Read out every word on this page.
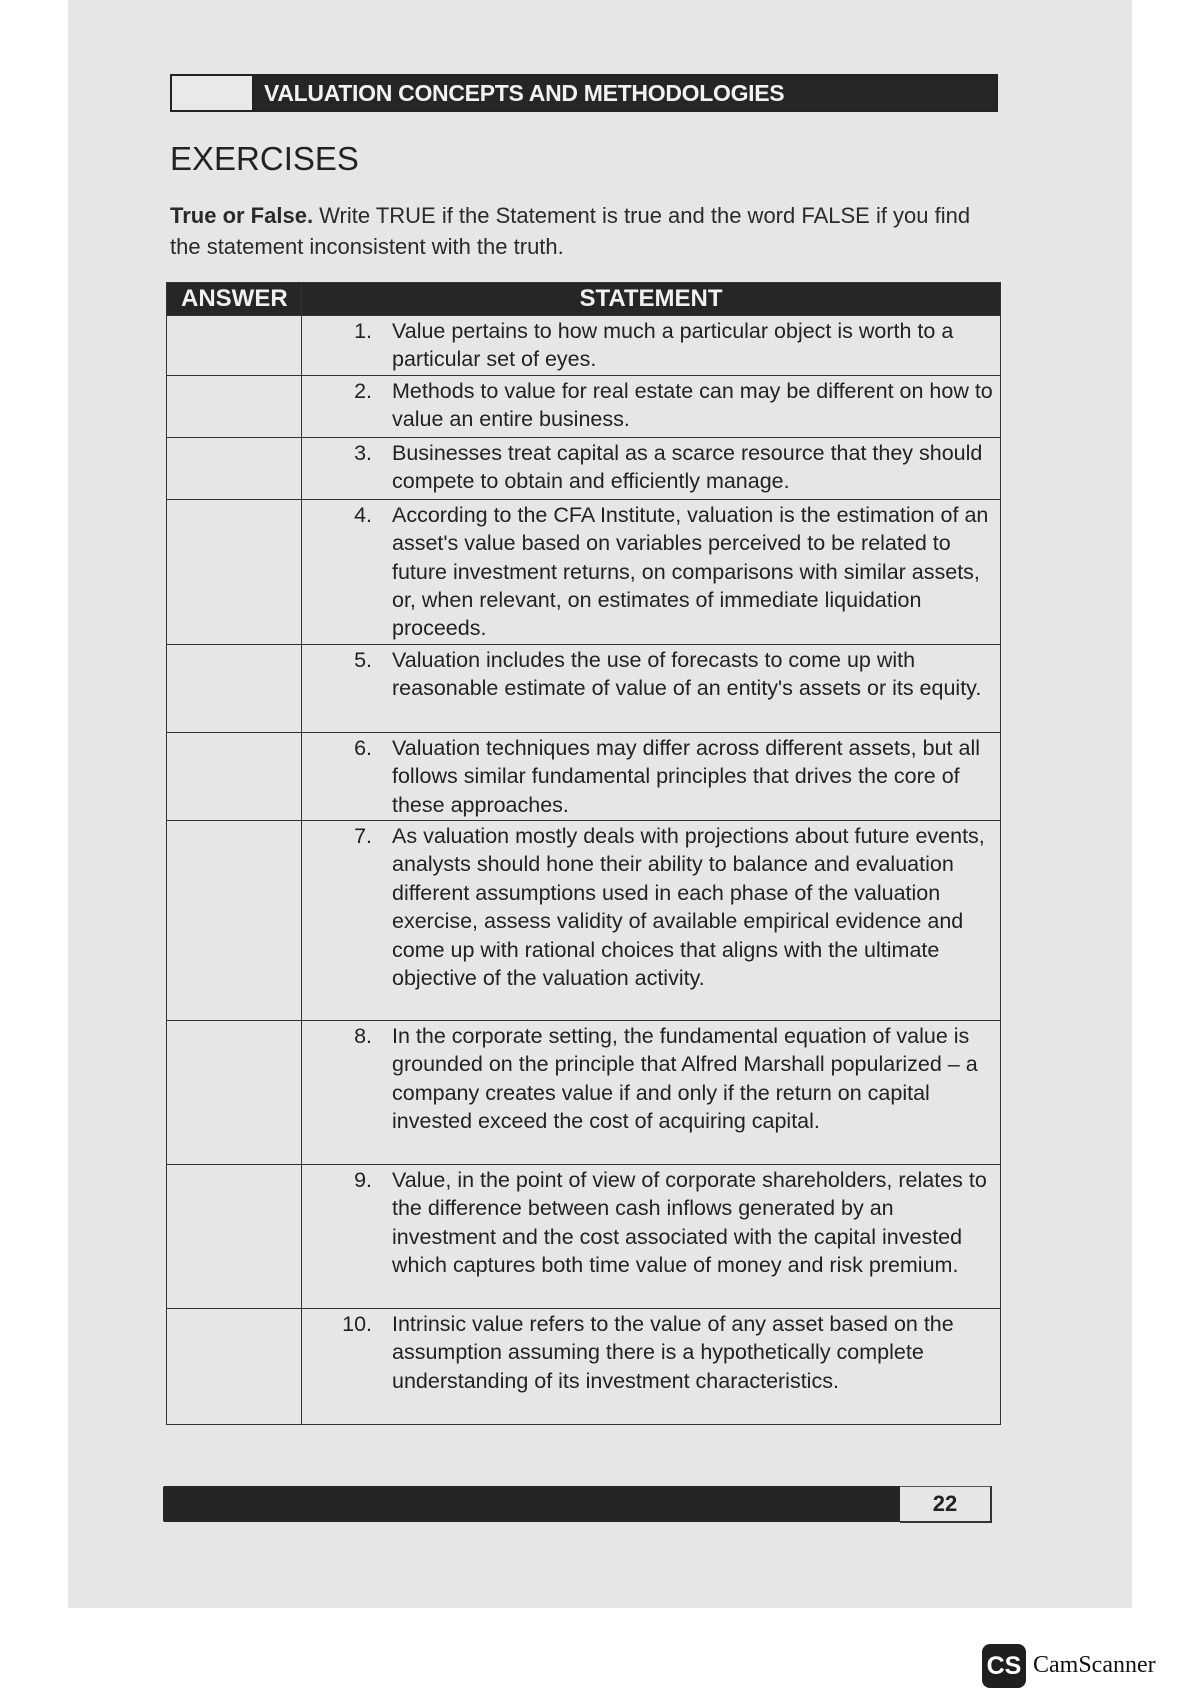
VALUATION CONCEPTS AND METHODOLOGIES
EXERCISES
True or False. Write TRUE if the Statement is true and the word FALSE if you find the statement inconsistent with the truth.
ANSWER	STATEMENT

	1. Value pertains to how much a particular object is worth to a particular set of eyes.

	2. Methods to value for real estate can may be different on how to value an entire business.

	3. Businesses treat capital as a scarce resource that they should compete to obtain and efficiently manage.

	4. According to the CFA Institute, valuation is the estimation of an asset's value based on variables perceived to be related to future investment returns, on comparisons with similar assets, or, when relevant, on estimates of immediate liquidation proceeds.

	5. Valuation includes the use of forecasts to come up with reasonable estimate of value of an entity's assets or its equity.

	6. Valuation techniques may differ across different assets, but all follows similar fundamental principles that drives the core of these approaches.

	7. As valuation mostly deals with projections about future events, analysts should hone their ability to balance and evaluation different assumptions used in each phase of the valuation exercise, assess validity of available empirical evidence and come up with rational choices that aligns with the ultimate objective of the valuation activity.

	8. In the corporate setting, the fundamental equation of value is grounded on the principle that Alfred Marshall popularized – a company creates value if and only if the return on capital invested exceed the cost of acquiring capital.

	9. Value, in the point of view of corporate shareholders, relates to the difference between cash inflows generated by an investment and the cost associated with the capital invested which captures both time value of money and risk premium.

	10. Intrinsic value refers to the value of any asset based on the assumption assuming there is a hypothetically complete understanding of its investment characteristics.
22
CS CamScanner
